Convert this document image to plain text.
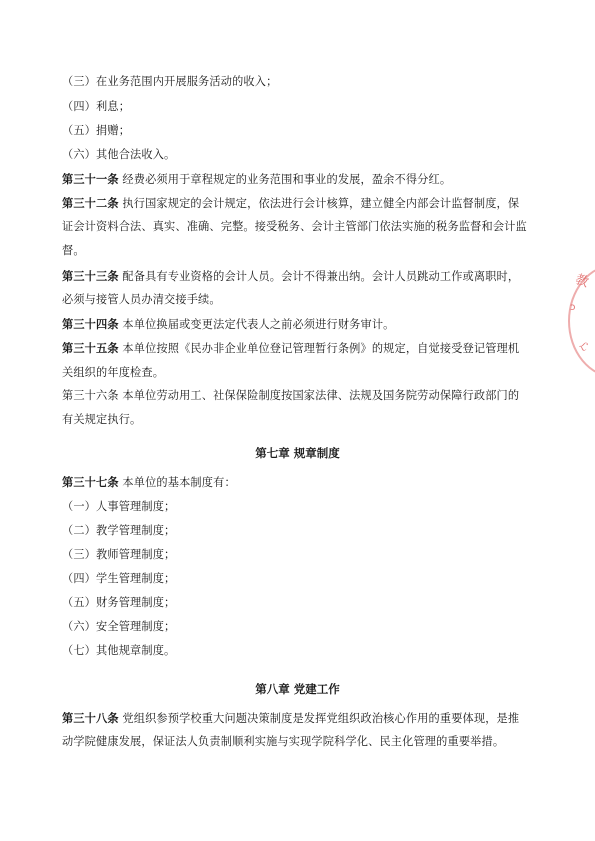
（三）在业务范围内开展服务活动的收入；
（四）利息；
（五）捐赠；
（六）其他合法收入。
第三十一条 经费必须用于章程规定的业务范围和事业的发展，盈余不得分红。
第三十二条 执行国家规定的会计规定，依法进行会计核算，建立健全内部会计监督制度，保
证会计资料合法、真实、准确、完整。接受税务、会计主管部门依法实施的税务监督和会计监
督。
第三十三条 配备具有专业资格的会计人员。会计不得兼出纳。会计人员跳动工作或离职时，
必须与接管人员办清交接手续。
第三十四条 本单位换届或变更法定代表人之前必须进行财务审计。
第三十五条 本单位按照《民办非企业单位登记管理暂行条例》的规定，自觉接受登记管理机
关组织的年度检查。
第三十六条 本单位劳动用工、社保保险制度按国家法律、法规及国务院劳动保障行政部门的
有关规定执行。
第七章 规章制度
第三十七条 本单位的基本制度有：
（一）人事管理制度；
（二）教学管理制度；
（三）教师管理制度；
（四）学生管理制度；
（五）财务管理制度；
（六）安全管理制度；
（七）其他规章制度。
第八章 党建工作
第三十八条 党组织参预学校重大问题决策制度是发挥党组织政治核心作用的重要体现，是推
动学院健康发展，保证法人负责制顺利实施与实现学院科学化、民主化管理的重要举措。
教
ɔ
ℒ
